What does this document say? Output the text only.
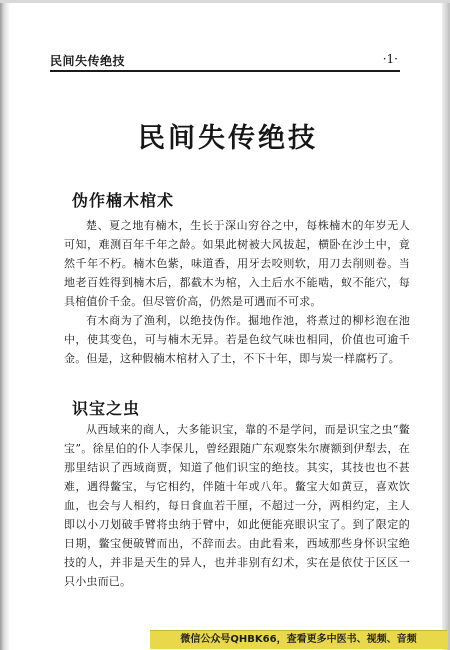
民间失传绝技	·1·
民间失传绝技
伪作楠木棺术

楚、夏之地有楠木，生长于深山穷谷之中，每株楠木的年岁无人可知，难测百年千年之龄。如果此树被大风拔起，横卧在沙土中，竟然千年不朽。楠木色紫，味道香，用牙去咬则软，用刀去削则卷。当地老百姓得到楠木后，都截木为棺，入土后水不能啮，蚁不能穴，每具棺值价千金。但尽管价高，仍然是可遇而不可求。

有木商为了渔利，以绝技伪作。掘地作池，将煮过的柳杉泡在池中，使其变色，可与楠木无异。若是色纹气味也相同，价值也可逾千金。但是，这种假楠木棺材入了土，不下十年，即与炭一样腐朽了。

识宝之虫

从西域来的商人，大多能识宝，靠的不是学问，而是识宝之虫“鳖宝”。徐星伯的仆人李保儿，曾经跟随广东观察朱尔赓额到伊犁去，在那里结识了西域商贾，知道了他们识宝的绝技。其实，其技也也不甚难，遇得鳖宝，与它相约，伴随十年或八年。鳖宝大如黄豆，喜欢饮血，也会与人相约，每日食血若干厘，不超过一分，两相约定，主人即以小刀划破手臂将虫纳于臂中，如此便能亮眼识宝了。到了限定的日期，鳖宝便破臂而出，不辞而去。由此看来，西域那些身怀识宝绝技的人，并非是天生的异人，也并非别有幻术，实在是依仗于区区一只小虫而已。

微信公众号QHBK66，查看更多中医书、视频、音频
